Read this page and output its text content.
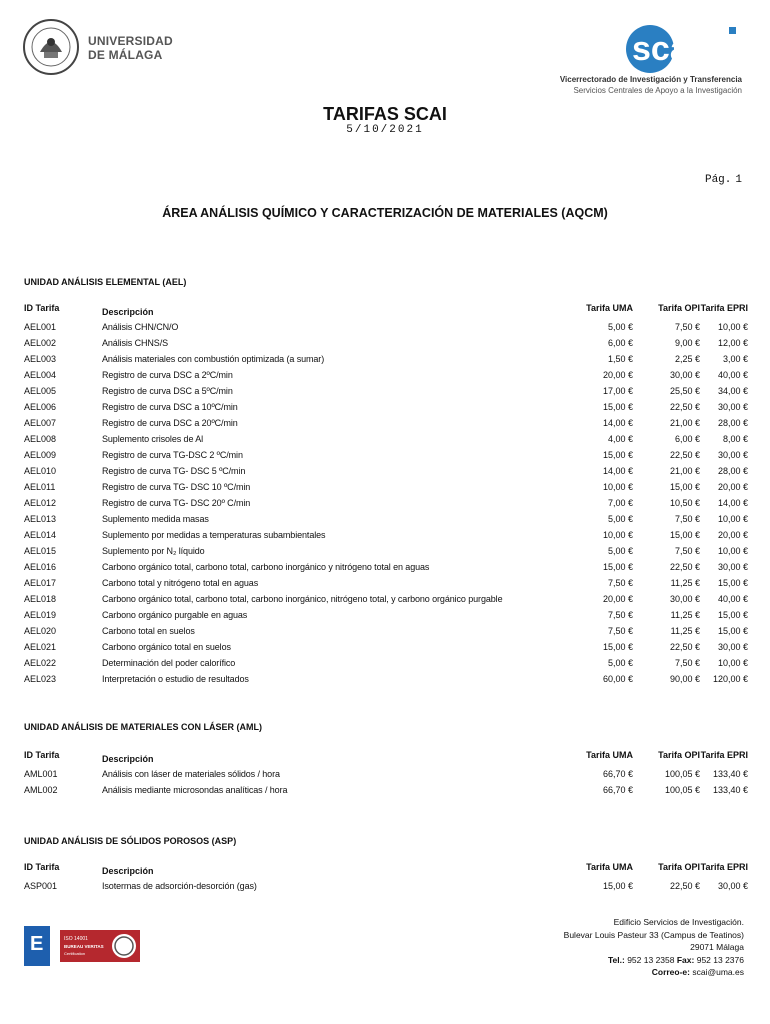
UNIVERSIDAD
DE MÁLAGA	scai
Vicerrectorado de Investigación y Transferencia
Servicios Centrales de Apoyo a la Investigación
TARIFAS SCAI
5/10/2021
Pág. 1
ÁREA ANÁLISIS QUÍMICO Y CARACTERIZACIÓN DE MATERIALES (AQCM)
UNIDAD ANÁLISIS ELEMENTAL (AEL)
ID Tarifa	Descripción	Tarifa UMA	Tarifa OPI Tarifa EPRI
AEL001	Análisis CHN/CN/O	5,00 €	7,50 €	10,00 €
AEL002	Análisis CHNS/S	6,00 €	9,00 €	12,00 €
AEL003	Análisis materiales con combustión optimizada (a sumar)	1,50 €	2,25 €	3,00 €
AEL004	Registro de curva DSC a 2ºC/min	20,00 €	30,00 €	40,00 €
AEL005	Registro de curva DSC a 5ºC/min	17,00 €	25,50 €	34,00 €
AEL006	Registro de curva DSC a 10ºC/min	15,00 €	22,50 €	30,00 €
AEL007	Registro de curva DSC a 20ºC/min	14,00 €	21,00 €	28,00 €
AEL008	Suplemento crisoles de Al	4,00 €	6,00 €	8,00 €
AEL009	Registro de curva TG-DSC 2 ºC/min	15,00 €	22,50 €	30,00 €
AEL010	Registro de curva TG- DSC 5 ºC/min	14,00 €	21,00 €	28,00 €
AEL011	Registro de curva TG- DSC 10 ºC/min	10,00 €	15,00 €	20,00 €
AEL012	Registro de curva TG- DSC 20º C/min	7,00 €	10,50 €	14,00 €
AEL013	Suplemento medida masas	5,00 €	7,50 €	10,00 €
AEL014	Suplemento por medidas a temperaturas subambientales	10,00 €	15,00 €	20,00 €
AEL015	Suplemento por N₂ líquido	5,00 €	7,50 €	10,00 €
AEL016	Carbono orgánico total, carbono total, carbono inorgánico y nitrógeno total en aguas	15,00 €	22,50 €	30,00 €
AEL017	Carbono total y nitrógeno total en aguas	7,50 €	11,25 €	15,00 €
AEL018	Carbono orgánico total, carbono total, carbono inorgánico, nitrógeno total, y carbono orgánico purgable	20,00 €	30,00 €	40,00 €
AEL019	Carbono orgánico purgable en aguas	7,50 €	11,25 €	15,00 €
AEL020	Carbono total en suelos	7,50 €	11,25 €	15,00 €
AEL021	Carbono orgánico total en suelos	15,00 €	22,50 €	30,00 €
AEL022	Determinación del poder calorífico	5,00 €	7,50 €	10,00 €
AEL023	Interpretación o estudio de resultados	60,00 €	90,00 €	120,00 €
UNIDAD ANÁLISIS DE MATERIALES CON LÁSER (AML)
ID Tarifa	Descripción	Tarifa UMA	Tarifa OPI Tarifa EPRI
AML001	Análisis con láser de materiales sólidos / hora	66,70 €	100,05 €	133,40 €
AML002	Análisis mediante microsondas analíticas / hora	66,70 €	100,05 €	133,40 €
UNIDAD ANÁLISIS DE SÓLIDOS POROSOS (ASP)
ID Tarifa	Descripción	Tarifa UMA	Tarifa OPI Tarifa EPRI
ASP001	Isotermas de adsorción-desorción (gas)	15,00 €	22,50 €	30,00 €
E	ISO 14001
BUREAU VERITAS
Certification
Edificio Servicios de Investigación.
Bulevar Louis Pasteur 33 (Campus de Teatinos)
29071 Málaga
Tel.: 952 13 2358 Fax: 952 13 2376
Correo-e: scai@uma.es
